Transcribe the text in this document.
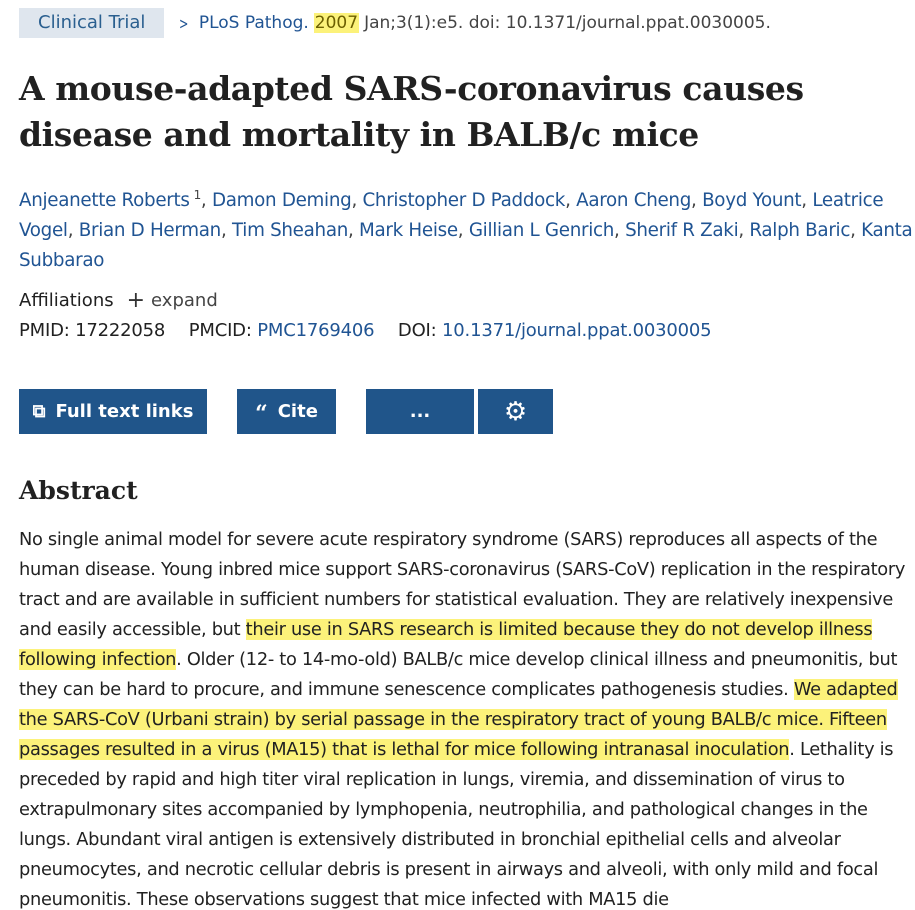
Clinical Trial	> PLoS Pathog. 2007 Jan;3(1):e5. doi: 10.1371/journal.ppat.0030005.
A mouse-adapted SARS-coronavirus causes disease and mortality in BALB/c mice
Anjeanette Roberts $^1$, Damon Deming, Christopher D Paddock, Aaron Cheng, Boyd Yount, Leatrice Vogel, Brian D Herman, Tim Sheahan, Mark Heise, Gillian L Genrich, Sherif R Zaki, Ralph Baric, Kanta Subbarao
Affiliations + expand
PMID: 17222058 PMCID: PMC1769406 DOI: 10.1371/journal.ppat.0030005
⧉ Full text links	“ Cite	...	⚙
Abstract

No single animal model for severe acute respiratory syndrome (SARS) reproduces all aspects of the human disease. Young inbred mice support SARS-coronavirus (SARS-CoV) replication in the respiratory tract and are available in sufficient numbers for statistical evaluation. They are relatively inexpensive and easily accessible, but their use in SARS research is limited because they do not develop illness following infection. Older (12- to 14-mo-old) BALB/c mice develop clinical illness and pneumonitis, but they can be hard to procure, and immune senescence complicates pathogenesis studies. We adapted the SARS-CoV (Urbani strain) by serial passage in the respiratory tract of young BALB/c mice. Fifteen passages resulted in a virus (MA15) that is lethal for mice following intranasal inoculation. Lethality is preceded by rapid and high titer viral replication in lungs, viremia, and dissemination of virus to extrapulmonary sites accompanied by lymphopenia, neutrophilia, and pathological changes in the lungs. Abundant viral antigen is extensively distributed in bronchial epithelial cells and alveolar pneumocytes, and necrotic cellular debris is present in airways and alveoli, with only mild and focal pneumonitis. These observations suggest that mice infected with MA15 die
